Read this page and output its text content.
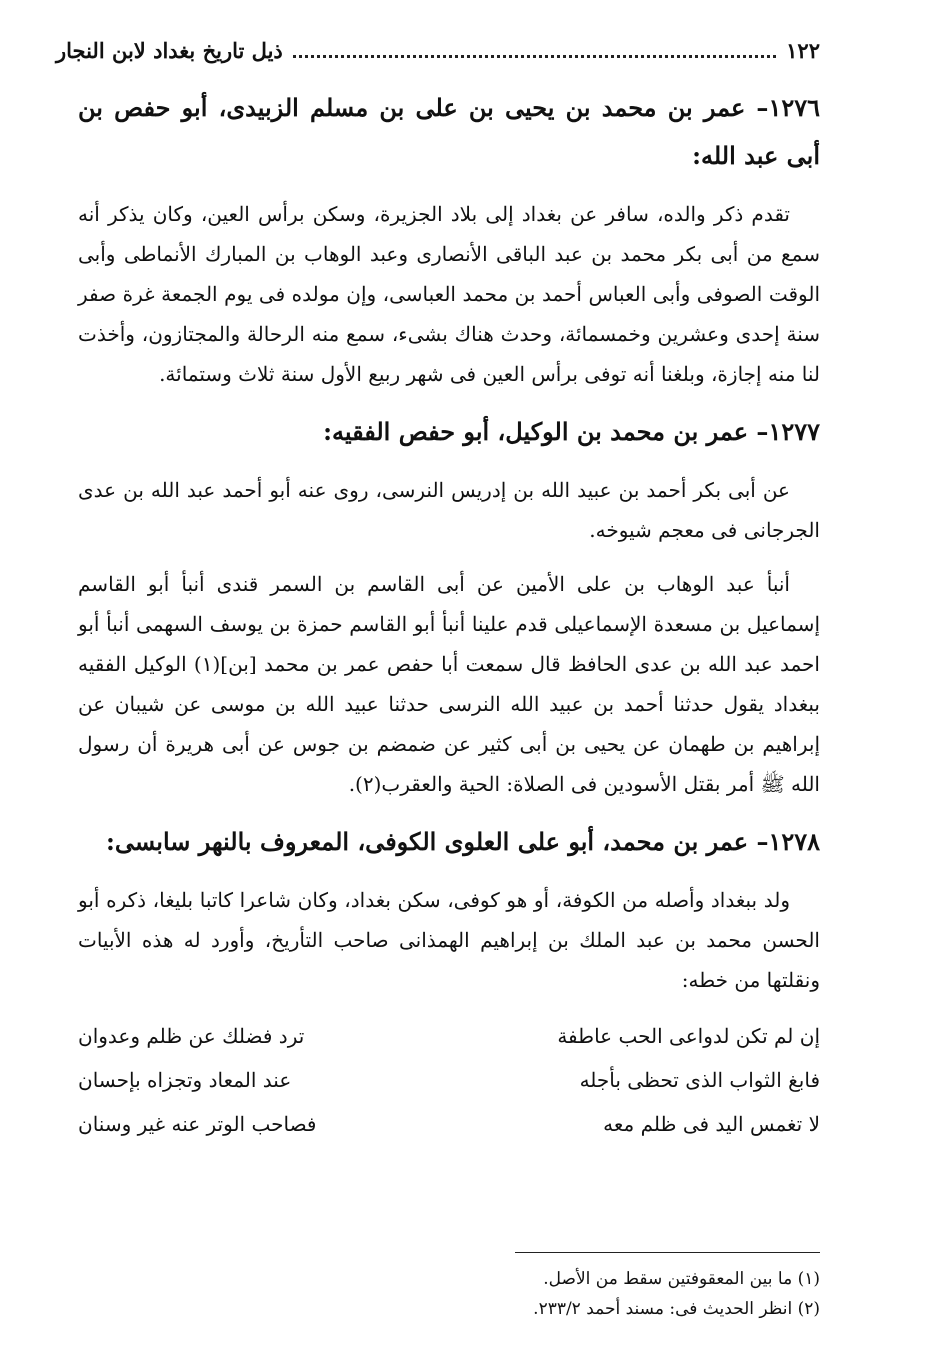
١٢٢
ذيل تاريخ بغداد لابن النجار
١٢٧٦– عمر بن محمد بن يحيى بن على بن مسلم الزبيدى، أبو حفص بن أبى عبد الله:

تقدم ذكر والده، سافر عن بغداد إلى بلاد الجزيرة، وسكن برأس العين، وكان يذكر أنه سمع من أبى بكر محمد بن عبد الباقى الأنصارى وعبد الوهاب بن المبارك الأنماطى وأبى الوقت الصوفى وأبى العباس أحمد بن محمد العباسى، وإن مولده فى يوم الجمعة غرة صفر سنة إحدى وعشرين وخمسمائة، وحدث هناك بشىء، سمع منه الرحالة والمجتازون، وأخذت لنا منه إجازة، وبلغنا أنه توفى برأس العين فى شهر ربيع الأول سنة ثلاث وستمائة.

١٢٧٧– عمر بن محمد بن الوكيل، أبو حفص الفقيه:

عن أبى بكر أحمد بن عبيد الله بن إدريس النرسى، روى عنه أبو أحمد عبد الله بن عدى الجرجانى فى معجم شيوخه.

أنبأ عبد الوهاب بن على الأمين عن أبى القاسم بن السمر قندى أنبأ أبو القاسم إسماعيل بن مسعدة الإسماعيلى قدم علينا أنبأ أبو القاسم حمزة بن يوسف السهمى أنبأ أبو احمد عبد الله بن عدى الحافظ قال سمعت أبا حفص عمر بن محمد [بن](١) الوكيل الفقيه ببغداد يقول حدثنا أحمد بن عبيد الله النرسى حدثنا عبيد الله بن موسى عن شيبان عن إبراهيم بن طهمان عن يحيى بن أبى كثير عن ضمضم بن جوس عن أبى هريرة أن رسول الله ﷺ أمر بقتل الأسودين فى الصلاة: الحية والعقرب(٢).

١٢٧٨– عمر بن محمد، أبو على العلوى الكوفى، المعروف بالنهر سابسى:

ولد ببغداد وأصله من الكوفة، أو هو كوفى، سكن بغداد، وكان شاعرا كاتبا بليغا، ذكره أبو الحسن محمد بن عبد الملك بن إبراهيم الهمذانى صاحب التأريخ، وأورد له هذه الأبيات ونقلتها من خطه:

إن لم تكن لدواعى الحب عاطفة
ترد فضلك عن ظلم وعدوان
فابغ الثواب الذى تحظى بأجله
عند المعاد وتجزاه بإحسان
لا تغمس اليد فى ظلم معه
فصاحب الوتر عنه غير وسنان
(١) ما بين المعقوفتين سقط من الأصل.
(٢) انظر الحديث فى: مسند أحمد ٢٣٣/٢.
